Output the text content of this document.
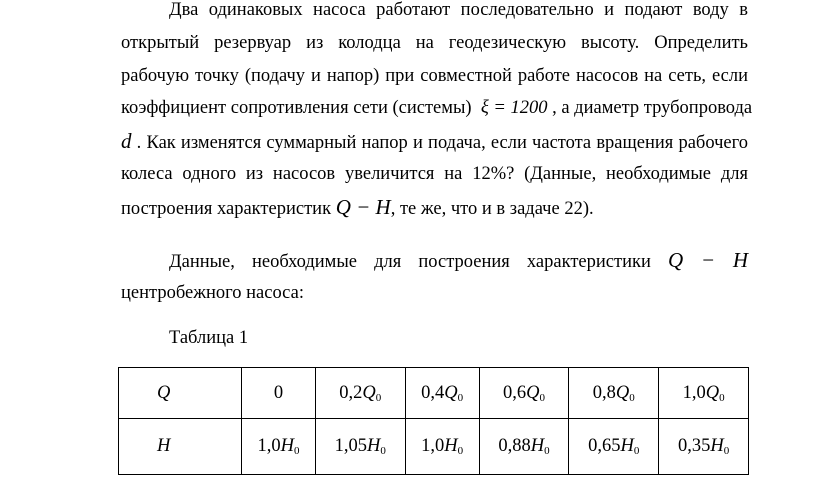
Два одинаковых насоса работают последовательно и подают воду в
открытый резервуар из колодца на геодезическую высоту. Определить
рабочую точку (подачу и напор) при совместной работе насосов на сеть, если
коэффициент сопротивления сети (системы) ξ = 1200 , а диаметр трубопровода
d . Как изменятся суммарный напор и подача, если частота вращения рабочего
колеса одного из насосов увеличится на 12%? (Данные, необходимые для
построения характеристик Q − H, те же, что и в задаче 22).
Данные, необходимые для построения характеристики Q − H
центробежного насоса:
Таблица 1
Q	0	$0,2Q_0$	$0,4Q_0$	$0,6Q_0$	$0,8Q_0$	$1,0Q_0$
H	$1,0H_0$	$1,05H_0$	$1,0H_0$	$0,88H_0$	$0,65H_0$	$0,35H_0$
